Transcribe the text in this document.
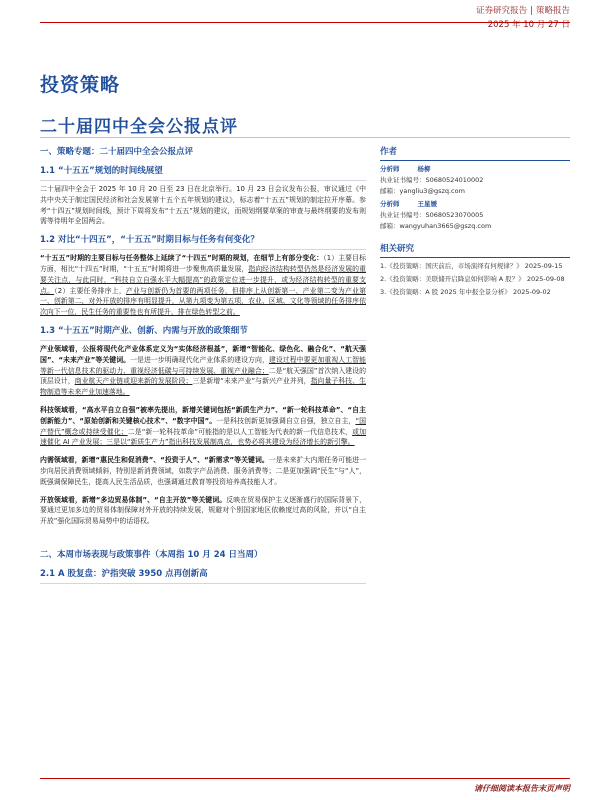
证券研究报告 | 策略报告
2025 年 10 月 27 日
投资策略
二十届四中全会公报点评
一、策略专题：二十届四中全会公报点评
1.1 “十五五”规划的时间线展望

二十届四中全会于 2025 年 10 月 20 日至 23 日在北京举行。10 月 23 日会议发布公报，审议通过《中共中央关于制定国民经济和社会发展第十五个五年规划的建议》，标志着“十五五”规划的制定拉开序幕。参考“十四五”规划时间线，预计下周将发布“十五五”规划的建议，而规划纲要草案的审查与最终纲要的发布则需等待明年全国两会。

1.2 对比“十四五”，“十五五”时期目标与任务有何变化？

“十五五”时期的主要目标与任务整体上延续了“十四五”时期的规划，在细节上有部分变化：（1）主要目标方面，相比“十四五”时期，“十五五”时期将进一步聚焦高质量发展，指向经济结构转型仍然是经济发展的重要关注点，与此同时，“科技自立自强水平大幅提高”的政策定位进一步提升，或为经济结构转型的重要支点。（2）主要任务排序上，产业与创新仍为首要的两项任务，但排序上从创新第一、产业第二变为产业第一、创新第二，对外开放的排序有明显提升，从第九项变为第五项，农业、区域、文化等领域的任务排序依次向下一位，民生任务的重要性也有所提升，排在绿色转型之前。

1.3 “十五五”时期产业、创新、内需与开放的政策细节

产业领域看，公报将现代化产业体系定义为“实体经济根基”，新增“智能化、绿色化、融合化”、“航天强国”、“未来产业”等关键词。一是进一步明确现代化产业体系的建设方向，建设过程中要更加重视人工智能等新一代信息技术的驱动力、重视经济低碳与可持续发展、重视产业融合；二是“航天强国”首次纳入建设的顶层设计，商业航天产业链或迎来新的发展阶段；三是新增“未来产业”与新兴产业并列，指向量子科技、生物制造等未来产业加速落地。

科技领域看，“高水平自立自强”被率先提出，新增关键词包括“新质生产力”、“新一轮科技革命”、“自主创新能力”、“原始创新和关键核心技术”、“数字中国”。一是科技创新更加强调自立自强，独立自主，“国产替代”概念或持续受催化；二是“新一轮科技革命”可能指的是以人工智能为代表的新一代信息技术，或加速催化 AI 产业发展；三是以“新质生产力”指出科技发展制高点，也势必将其建设为经济增长的新引擎。

内需领域看，新增“惠民生和促消费”、“投资于人”、“新需求”等关键词。一是未来扩大内需任务可能进一步向居民消费领域倾斜，特别是新消费领域，如数字产品消费、服务消费等；二是更加强调“民生”与“人”，既强调保障民生，提高人民生活品质，也强调通过教育等投资培养高技能人才。

开放领域看，新增“多边贸易体制”、“自主开放”等关键词。反映在贸易保护主义逐渐盛行的国际背景下，要通过更加多边的贸易体制保障对外开放的持续发展，规避对个别国家地区依赖度过高的风险，并以“自主开放”强化国际贸易局势中的话语权。

二、本周市场表现与政策事件（本周指 10 月 24 日当周）
2.1 A 股复盘：沪指突破 3950 点再创新高
作者
分析师	杨柳
执业证书编号：S0680524010002
邮箱：yangliu3@gszq.com
分析师	王星媛
执业证书编号：S0680523070005
邮箱：wangyuhan3665@gszq.com
相关研究
1.《投资策略：国庆前后，市场演绎有何规律？》 2025-09-15
2.《投资策略：美联储开启降息如何影响 A 股？》 2025-09-08
3.《投资策略：A 股 2025 年中报全景分析》 2025-09-02
请仔细阅读本报告末页声明
